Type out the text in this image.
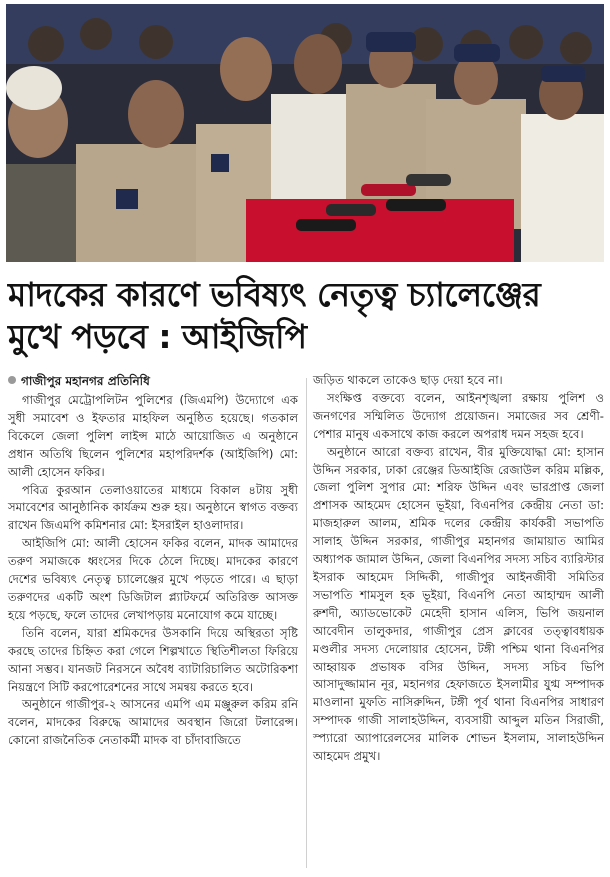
মাদকের কারণে ভবিষ্যৎ নেতৃত্ব চ্যালেঞ্জের
মুখে পড়বে : আইজিপি
গাজীপুর মহানগর প্রতিনিধি

গাজীপুর মেট্রোপলিটন পুলিশের (জিএমপি) উদ্যোগে এক সুধী সমাবেশ ও ইফতার মাহফিল অনুষ্ঠিত হয়েছে। গতকাল বিকেলে জেলা পুলিশ লাইন্স মাঠে আয়োজিত এ অনুষ্ঠানে প্রধান অতিথি ছিলেন পুলিশের মহাপরিদর্শক (আইজিপি) মো: আলী হোসেন ফকির।

পবিত্র কুরআন তেলাওয়াতের মাধ্যমে বিকাল ৪টায় সুধী সমাবেশের আনুষ্ঠানিক কার্যক্রম শুরু হয়। অনুষ্ঠানে স্বাগত বক্তব্য রাখেন জিএমপি কমিশনার মো: ইসরাইল হাওলাদার।

আইজিপি মো: আলী হোসেন ফকির বলেন, মাদক আমাদের তরুণ সমাজকে ধ্বংসের দিকে ঠেলে দিচ্ছে। মাদকের কারণে দেশের ভবিষ্যৎ নেতৃত্ব চ্যালেঞ্জের মুখে পড়তে পারে। এ ছাড়া তরুণদের একটি অংশ ডিজিটাল প্ল্যাটফর্মে অতিরিক্ত আসক্ত হয়ে পড়ছে, ফলে তাদের লেখাপড়ায় মনোযোগ কমে যাচ্ছে।

তিনি বলেন, যারা শ্রমিকদের উসকানি দিয়ে অস্থিরতা সৃষ্টি করছে তাদের চিহ্নিত করা গেলে শিল্পখাতে স্থিতিশীলতা ফিরিয়ে আনা সম্ভব। যানজট নিরসনে অবৈধ ব্যাটারিচালিত অটোরিকশা নিয়ন্ত্রণে সিটি করপোরেশনের সাথে সমন্বয় করতে হবে।

অনুষ্ঠানে গাজীপুর-২ আসনের এমপি এম মঞ্জুরুল করিম রনি বলেন, মাদকের বিরুদ্ধে আমাদের অবস্থান জিরো টলারেন্স। কোনো রাজনৈতিক নেতাকর্মী মাদক বা চাঁদাবাজিতে

জড়িত থাকলে তাকেও ছাড় দেয়া হবে না।

সংক্ষিপ্ত বক্তব্যে বলেন, আইনশৃঙ্খলা রক্ষায় পুলিশ ও জনগণের সম্মিলিত উদ্যোগ প্রয়োজন। সমাজের সব শ্রেণী-পেশার মানুষ একসাথে কাজ করলে অপরাধ দমন সহজ হবে।

অনুষ্ঠানে আরো বক্তব্য রাখেন, বীর মুক্তিযোদ্ধা মো: হাসান উদ্দিন সরকার, ঢাকা রেঞ্জের ডিআইজি রেজাউল করিম মল্লিক, জেলা পুলিশ সুপার মো: শরিফ উদ্দিন এবং ভারপ্রাপ্ত জেলা প্রশাসক আহমেদ হোসেন ভূইয়া, বিএনপির কেন্দ্রীয় নেতা ডা: মাজহারুল আলম, শ্রমিক দলের কেন্দ্রীয় কার্যকরী সভাপতি সালাহ উদ্দিন সরকার, গাজীপুর মহানগর জামায়াত আমির অধ্যাপক জামাল উদ্দিন, জেলা বিএনপির সদস্য সচিব ব্যারিস্টার ইসরাক আহমেদ সিদ্দিকী, গাজীপুর আইনজীবী সমিতির সভাপতি শামসুল হক ভূইয়া, বিএনপি নেতা আহাম্মদ আলী রুশদী, অ্যাডভোকেট মেহেদী হাসান এলিস, ভিপি জয়নাল আবেদীন তালুকদার, গাজীপুর প্রেস ক্লাবের তত্ত্বাবধায়ক মণ্ডলীর সদস্য দেলোয়ার হোসেন, টঙ্গী পশ্চিম থানা বিএনপির আহ্বায়ক প্রভাষক বসির উদ্দিন, সদস্য সচিব ভিপি আসাদুজ্জামান নূর, মহানগর হেফাজতে ইসলামীর যুগ্ম সম্পাদক মাওলানা মুফতি নাসিরুদ্দিন, টঙ্গী পূর্ব থানা বিএনপির সাধারণ সম্পাদক গাজী সালাহউদ্দিন, ব্যবসায়ী আব্দুল মতিন সিরাজী, স্প্যারো অ্যাপারেলসের মালিক শোভন ইসলাম, সালাহউদ্দিন আহমেদ প্রমুখ।
